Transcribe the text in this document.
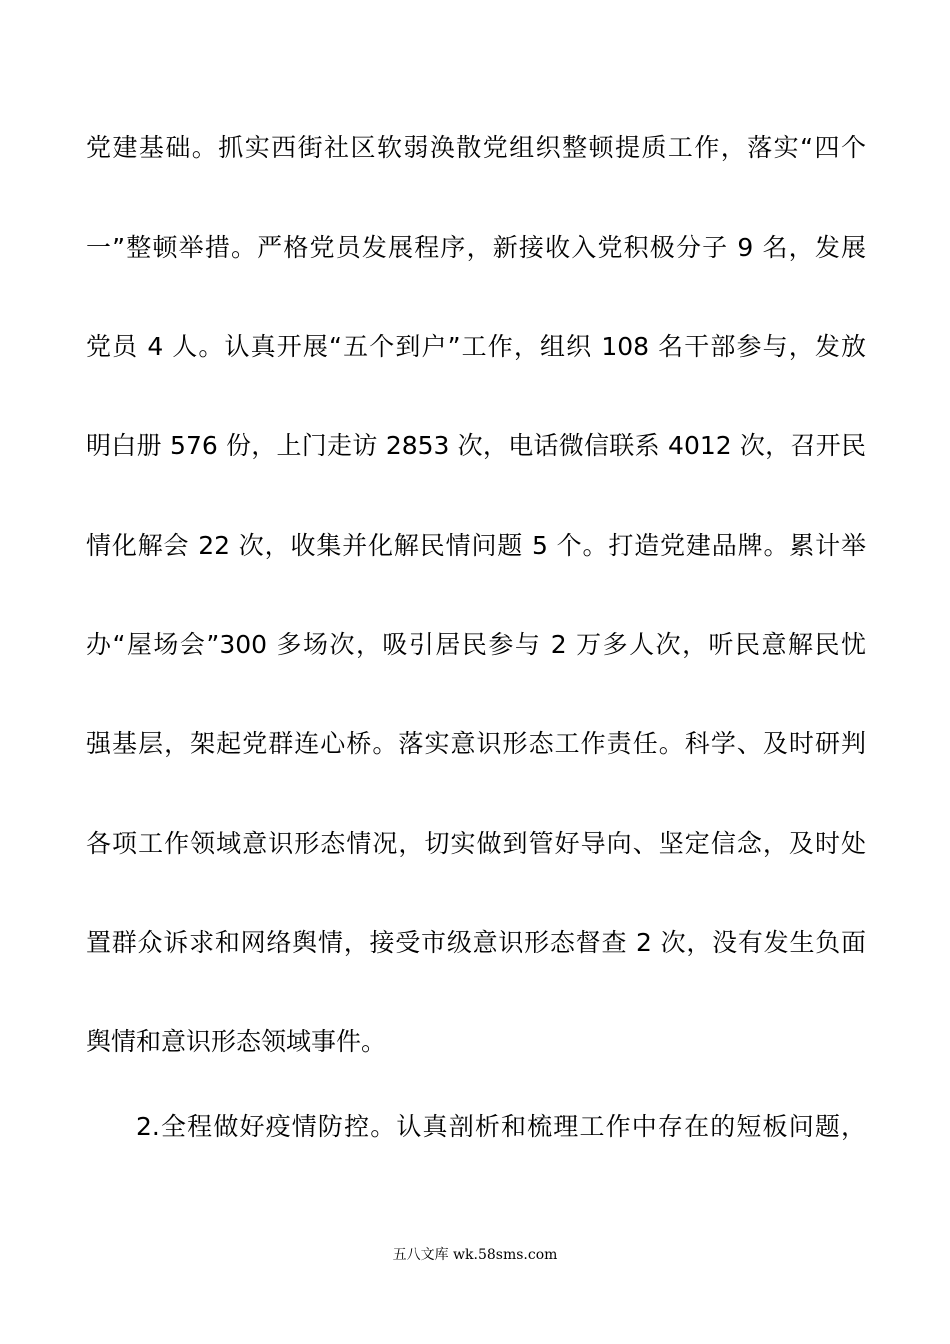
党建基础。抓实西街社区软弱涣散党组织整顿提质工作，落实“四个
一”整顿举措。严格党员发展程序，新接收入党积极分子 9 名，发展
党员 4 人。认真开展“五个到户”工作，组织 108 名干部参与，发放
明白册 576 份，上门走访 2853 次，电话微信联系 4012 次，召开民
情化解会 22 次，收集并化解民情问题 5 个。打造党建品牌。累计举
办“屋场会”300 多场次，吸引居民参与 2 万多人次，听民意解民忧
强基层，架起党群连心桥。落实意识形态工作责任。科学、及时研判
各项工作领域意识形态情况，切实做到管好导向、坚定信念，及时处
置群众诉求和网络舆情，接受市级意识形态督查 2 次，没有发生负面
舆情和意识形态领域事件。
2.全程做好疫情防控。认真剖析和梳理工作中存在的短板问题，
五八文库 wk.58sms.com
